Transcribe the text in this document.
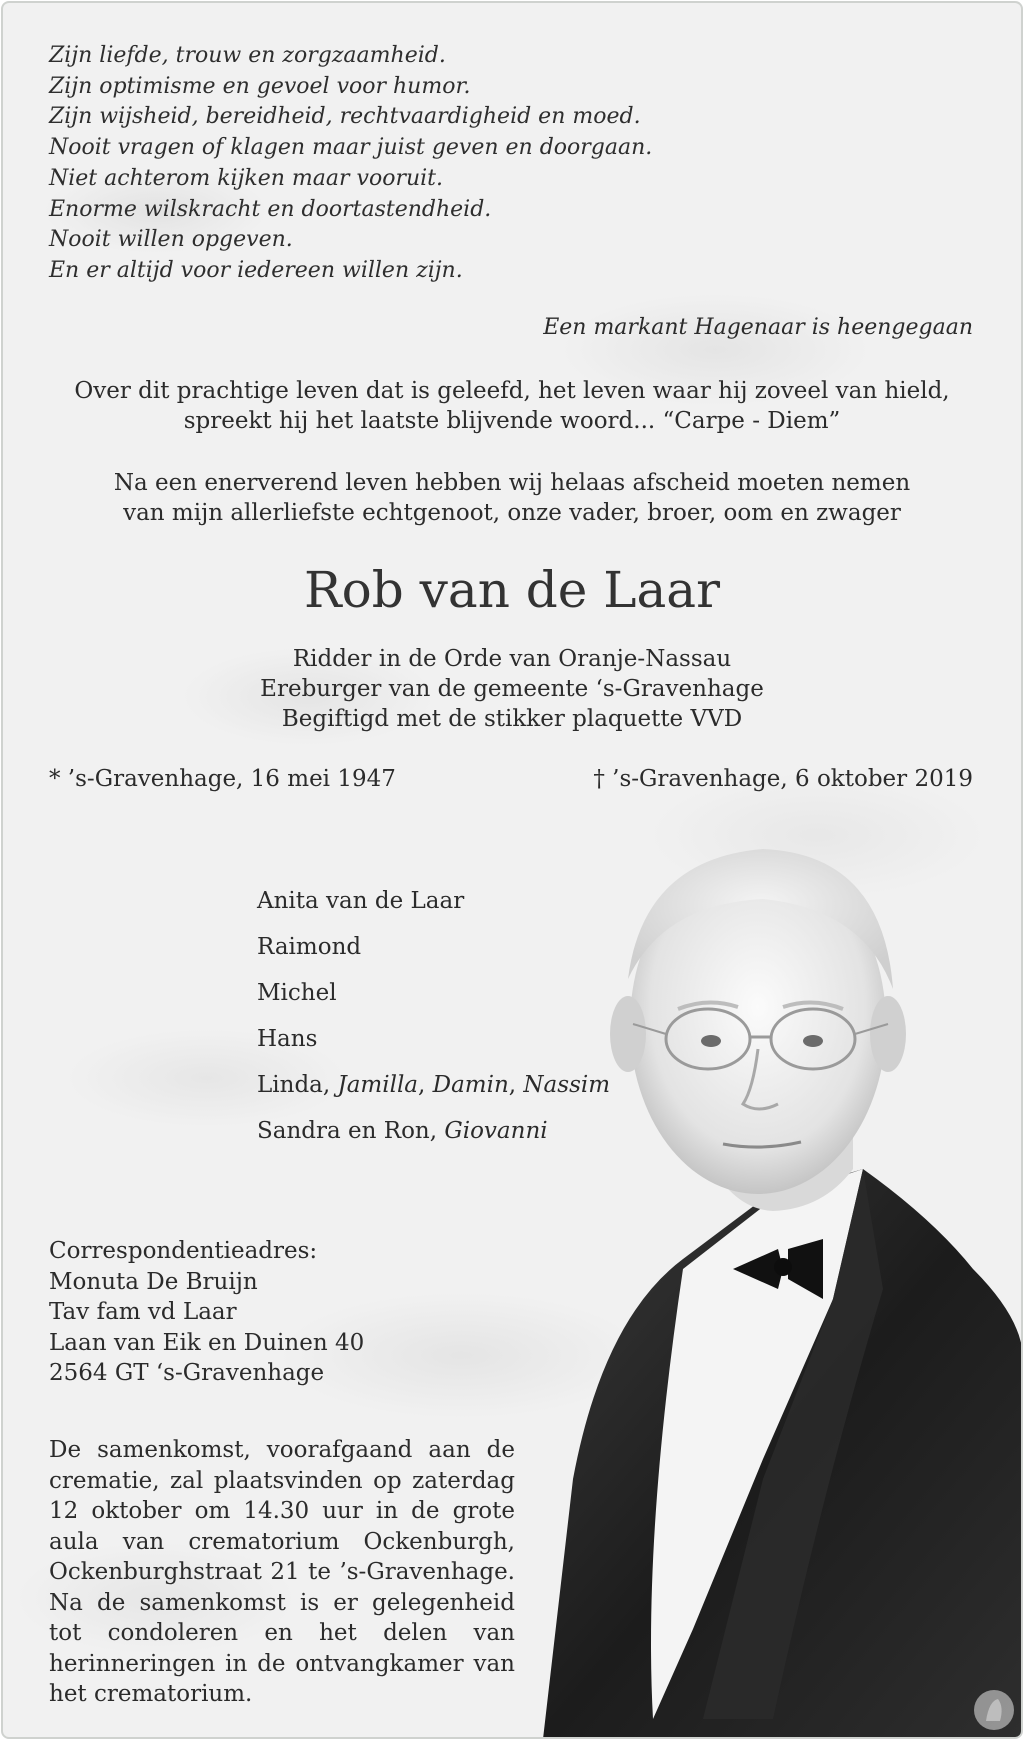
Zijn liefde, trouw en zorgzaamheid.
Zijn optimisme en gevoel voor humor.
Zijn wijsheid, bereidheid, rechtvaardigheid en moed.
Nooit vragen of klagen maar juist geven en doorgaan.
Niet achterom kijken maar vooruit.
Enorme wilskracht en doortastendheid.
Nooit willen opgeven.
En er altijd voor iedereen willen zijn.
Een markant Hagenaar is heengegaan
Over dit prachtige leven dat is geleefd, het leven waar hij zoveel van hield,
spreekt hij het laatste blijvende woord... “Carpe - Diem”
Na een enerverend leven hebben wij helaas afscheid moeten nemen
van mijn allerliefste echtgenoot, onze vader, broer, oom en zwager
Rob van de Laar
Ridder in de Orde van Oranje-Nassau
Ereburger van de gemeente ‘s-Gravenhage
Begiftigd met de stikker plaquette VVD
* ’s-Gravenhage, 16 mei 1947	† ’s-Gravenhage, 6 oktober 2019
Anita van de Laar
Raimond
Michel
Hans
Linda, Jamilla, Damin, Nassim
Sandra en Ron, Giovanni
Correspondentieadres:
Monuta De Bruijn
Tav fam vd Laar
Laan van Eik en Duinen 40
2564 GT ‘s-Gravenhage
De samenkomst, voorafgaand aan de crematie, zal plaatsvinden op zaterdag 12 oktober om 14.30 uur in de grote aula van crematorium Ockenburgh, Ockenburghstraat 21 te ’s-Gravenhage. Na de samenkomst is er gelegenheid tot condoleren en het delen van herinneringen in de ontvangkamer van het crematorium.
